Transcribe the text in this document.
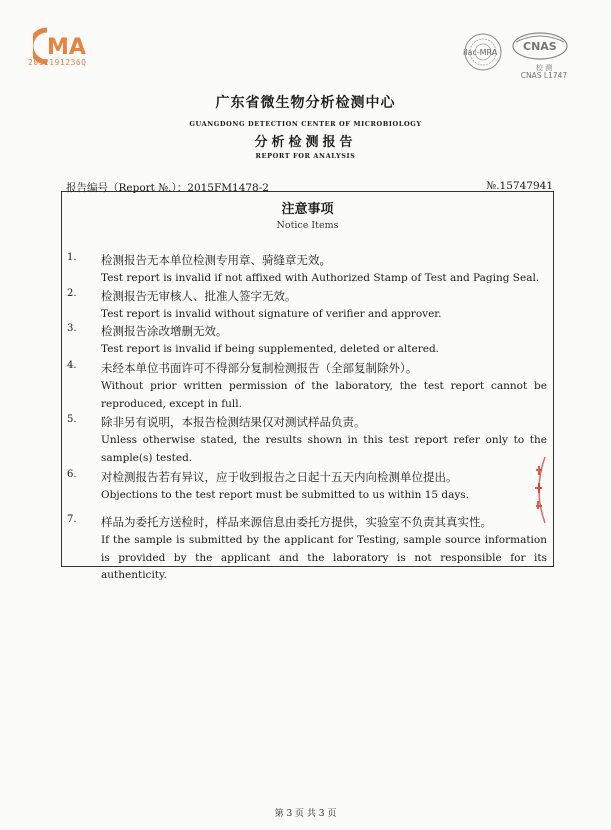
MA
2012191236Q
ilac-MRA CNAS
校 测
CNAS L1747
广东省微生物分析检测中心
GUANGDONG DETECTION CENTER OF MICROBIOLOGY
分析检测报告
REPORT FOR ANALYSIS
报告编号（Report №.）：2015FM1478-2	№.15747941
注意事项
Notice Items
1. 检测报告无本单位检测专用章、骑缝章无效。
Test report is invalid if not affixed with Authorized Stamp of Test and Paging Seal.
2. 检测报告无审核人、批准人签字无效。
Test report is invalid without signature of verifier and approver.
3. 检测报告涂改增删无效。
Test report is invalid if being supplemented, deleted or altered.
4. 未经本单位书面许可不得部分复制检测报告（全部复制除外）。
Without prior written permission of the laboratory, the test report cannot be reproduced, except in full.
5. 除非另有说明，本报告检测结果仅对测试样品负责。
Unless otherwise stated, the results shown in this test report refer only to the sample(s) tested.
6. 对检测报告若有异议，应于收到报告之日起十五天内向检测单位提出。
Objections to the test report must be submitted to us within 15 days.
7. 样品为委托方送检时，样品来源信息由委托方提供，实验室不负责其真实性。
If the sample is submitted by the applicant for Testing, sample source information is provided by the applicant and the laboratory is not responsible for its authenticity.
第 3 页 共 3 页
